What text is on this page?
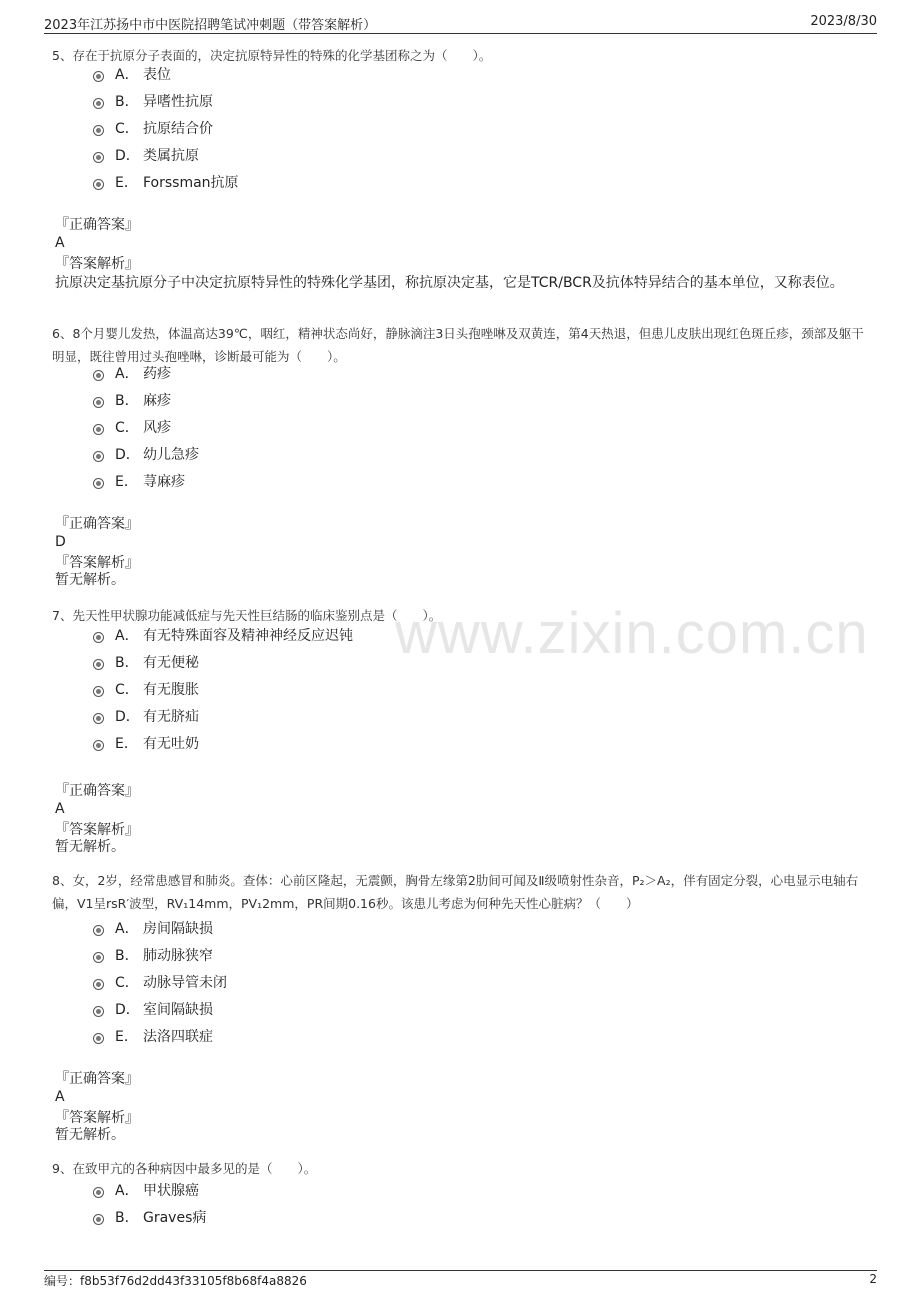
2023年江苏扬中市中医院招聘笔试冲刺题（带答案解析）	2023/8/30
www.zixin.com.cn
5、存在于抗原分子表面的，决定抗原特异性的特殊的化学基团称之为（　　）。
A． 表位
B． 异嗜性抗原
C． 抗原结合价
D． 类属抗原
E． Forssman抗原
『正确答案』
A
『答案解析』
抗原决定基抗原分子中决定抗原特异性的特殊化学基团，称抗原决定基，它是TCR/BCR及抗体特异结合的基本单位，又称表位。
6、8个月婴儿发热，体温高达39℃，咽红，精神状态尚好，静脉滴注3日头孢唑啉及双黄连，第4天热退，但患儿皮肤出现红色斑丘疹，颈部及躯干明显，既往曾用过头孢唑啉，诊断最可能为（　　）。
A． 药疹
B． 麻疹
C． 风疹
D． 幼儿急疹
E． 荨麻疹
『正确答案』
D
『答案解析』
暂无解析。
7、先天性甲状腺功能减低症与先天性巨结肠的临床鉴别点是（　　）。
A． 有无特殊面容及精神神经反应迟钝
B． 有无便秘
C． 有无腹胀
D． 有无脐疝
E． 有无吐奶
『正确答案』
A
『答案解析』
暂无解析。
8、女，2岁，经常患感冒和肺炎。查体：心前区隆起，无震颤，胸骨左缘第2肋间可闻及Ⅱ级喷射性杂音，P₂＞A₂，伴有固定分裂，心电显示电轴右偏，V1呈rsR′波型，RV₁14mm，PV₁2mm，PR间期0.16秒。该患儿考虑为何种先天性心脏病？（　　）
A． 房间隔缺损
B． 肺动脉狭窄
C． 动脉导管未闭
D． 室间隔缺损
E． 法洛四联症
『正确答案』
A
『答案解析』
暂无解析。
9、在致甲亢的各种病因中最多见的是（　　）。
A． 甲状腺癌
B． Graves病
编号：f8b53f76d2dd43f33105f8b68f4a8826	2
